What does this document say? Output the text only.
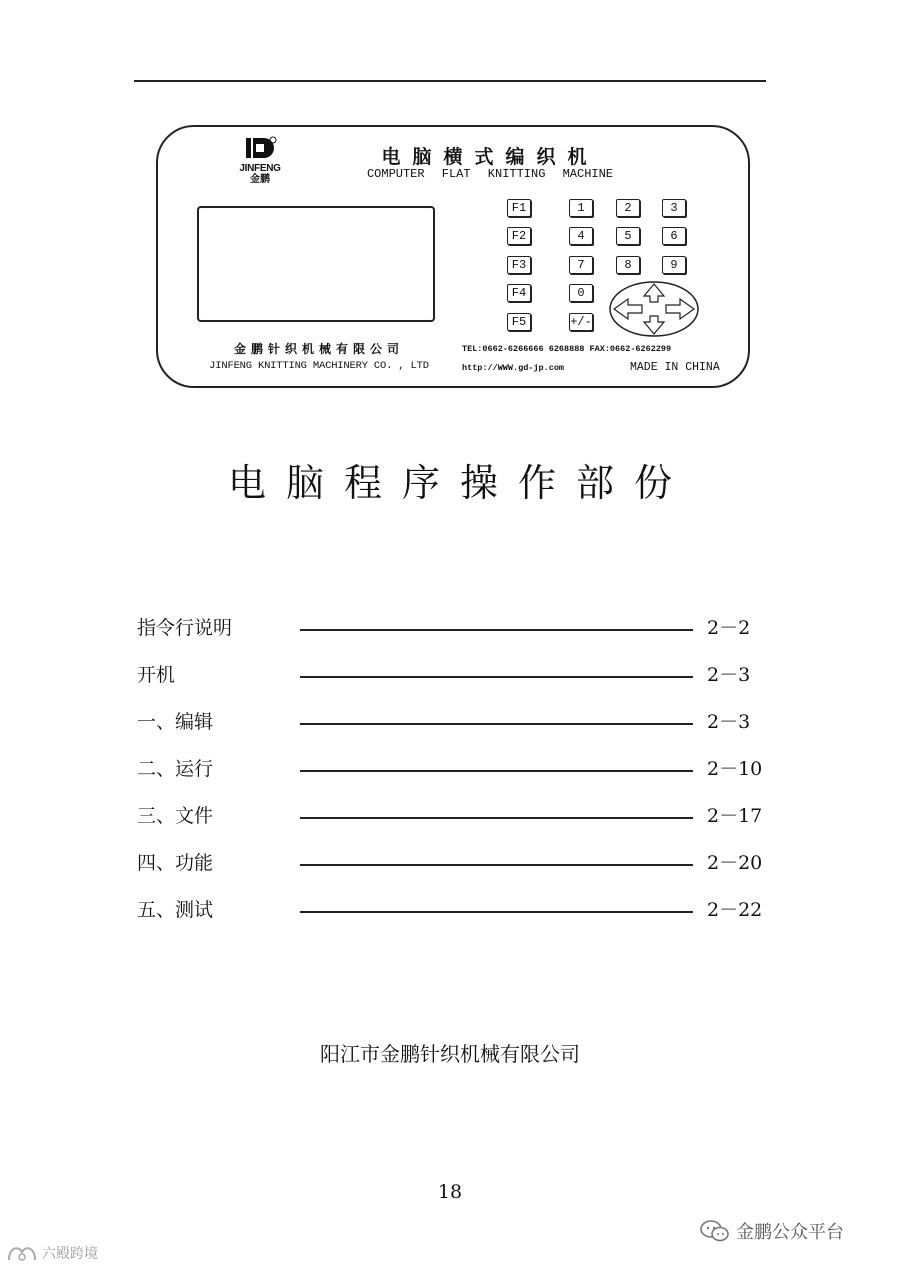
JINFENG
金鹏
电脑横式编织机
COMPUTER FLAT KNITTING MACHINE
F1
F2
F3
F4
F5
1	2	3
4	5	6
7	8	9
0
+/-
金鹏针织机械有限公司
JINFENG KNITTING MACHINERY CO. , LTD
TEL:0662-6266666 6268888 FAX:0662-6262299
http://WWW.gd-jp.com	MADE IN CHINA
电脑程序操作部份
指令行说明	2－2
开机	2－3
一、编辑	2－3
二、运行	2－10
三、文件	2－17
四、功能	2－20
五、测试	2－22
阳江市金鹏针织机械有限公司
18
金鹏公众平台
六殿跨境
